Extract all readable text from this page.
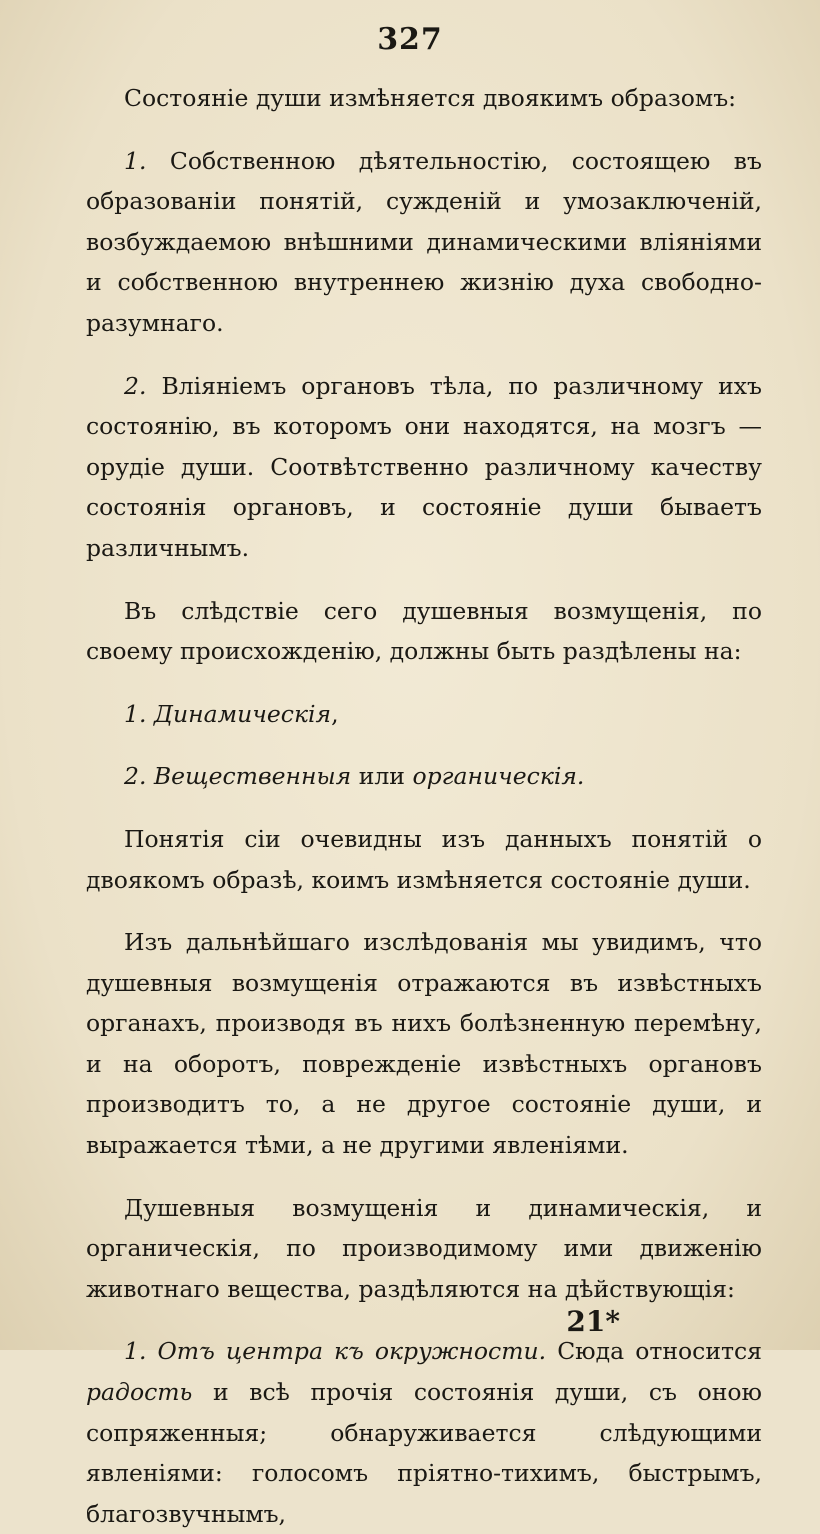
327

Состояніе души измѣняется двоякимъ образомъ:

1. Собственною дѣятельностію, состоящею въ образованіи понятій, сужденій и умозаключеній, возбуждаемою внѣшними динамическими вліяніями и собственною внутреннею жизнію духа свободно-разумнаго.

2. Вліяніемъ органовъ тѣла, по различному ихъ состоянію, въ которомъ они находятся, на мозгъ — орудіе души. Соотвѣтственно различному качеству состоянія органовъ, и состояніе души бываетъ различнымъ.

Въ слѣдствіе сего душевныя возмущенія, по своему происхожденію, должны быть раздѣлены на:

1. Динамическія,

2. Вещественныя или органическія.

Понятія сіи очевидны изъ данныхъ понятій о двоякомъ образѣ, коимъ измѣняется состояніе души.

Изъ дальнѣйшаго изслѣдованія мы увидимъ, что душевныя возмущенія отражаются въ извѣстныхъ органахъ, производя въ нихъ болѣзненную перемѣну, и на оборотъ, поврежденіе извѣстныхъ органовъ производитъ то, а не другое состояніе души, и выражается тѣми, а не другими явленіями.

Душевныя возмущенія и динамическія, и органическія, по производимому ими движенію животнаго вещества, раздѣляются на дѣйствующія:

1. Отъ центра къ окружности. Сюда относится радость и всѣ прочія состоянія души, съ оною сопряженныя; обнаруживается слѣдующими явленіями: голосомъ пріятно-тихимъ, быстрымъ, благозвучнымъ,

21*
